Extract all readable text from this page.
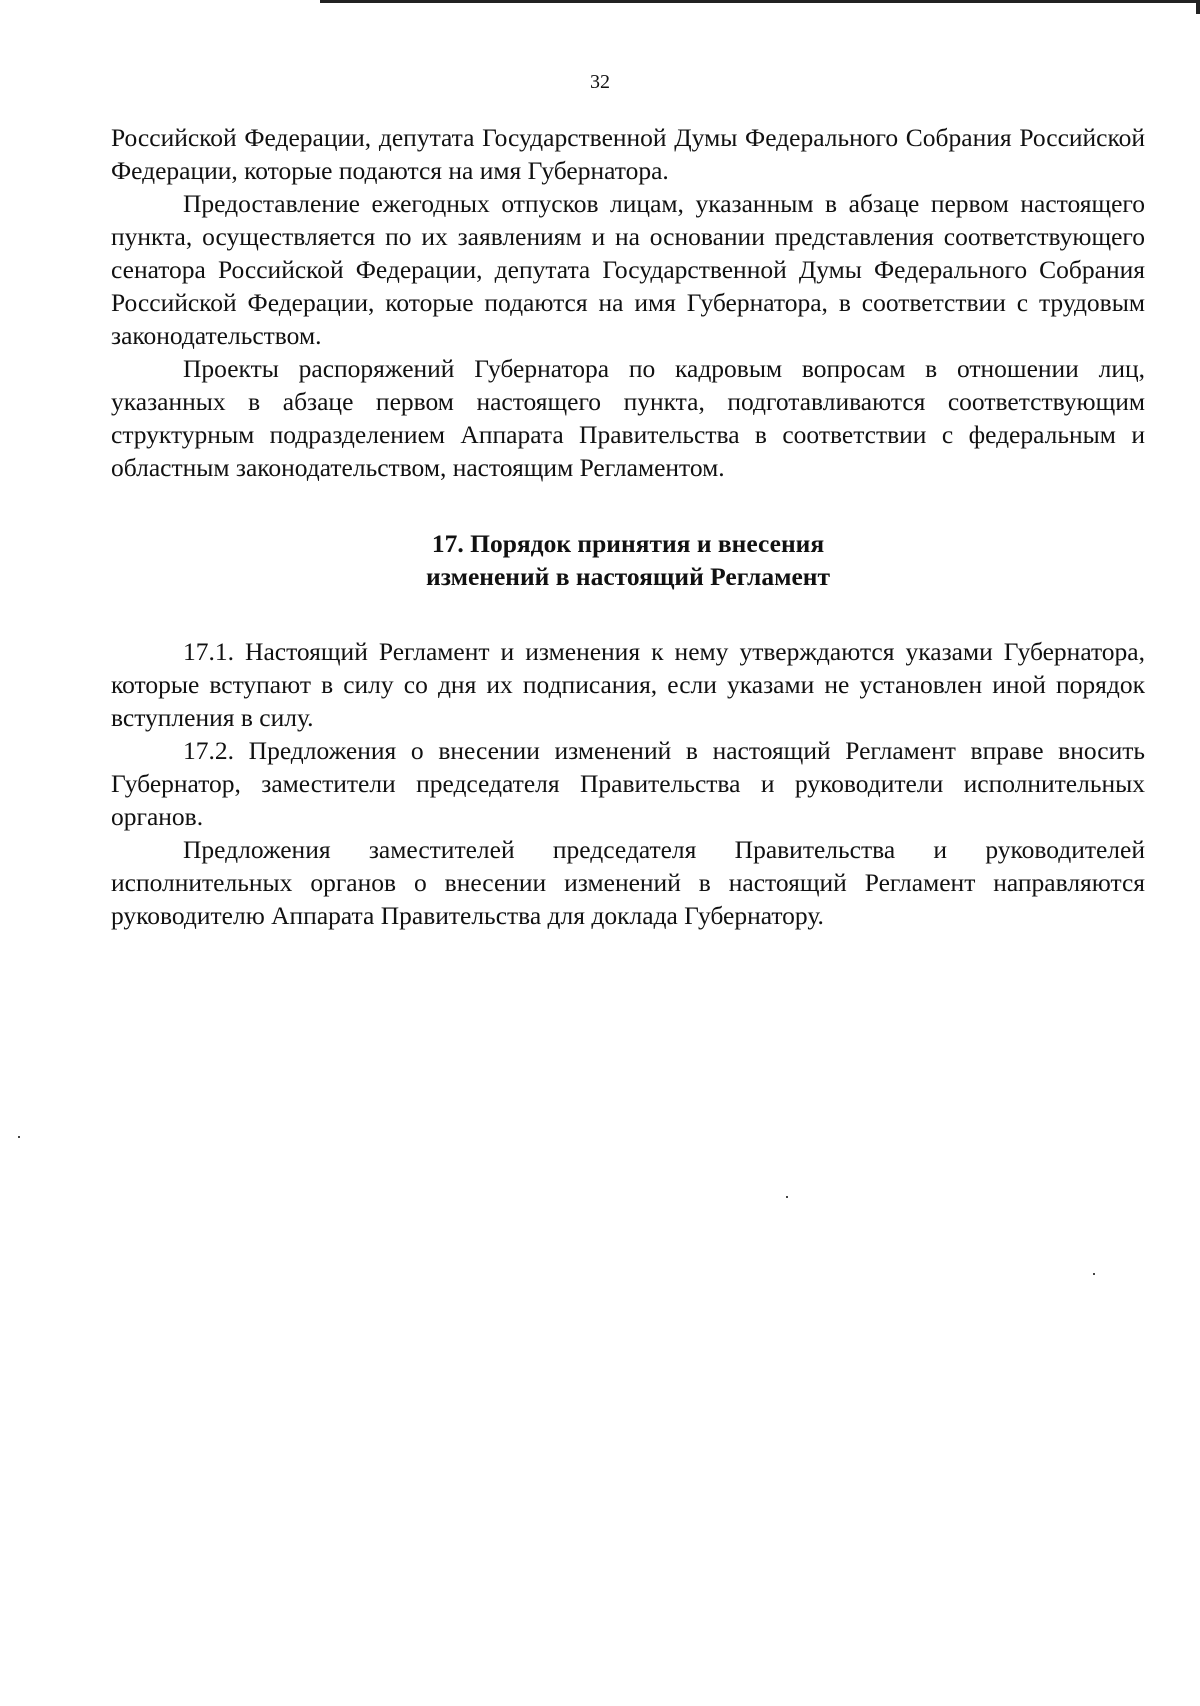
32

Российской Федерации, депутата Государственной Думы Федерального Собрания Российской Федерации, которые подаются на имя Губернатора.

Предоставление ежегодных отпусков лицам, указанным в абзаце первом настоящего пункта, осуществляется по их заявлениям и на основании представления соответствующего сенатора Российской Федерации, депутата Государственной Думы Федерального Собрания Российской Федерации, которые подаются на имя Губернатора, в соответствии с трудовым законодательством.

Проекты распоряжений Губернатора по кадровым вопросам в отношении лиц, указанных в абзаце первом настоящего пункта, подготавливаются соответствующим структурным подразделением Аппарата Правительства в соответствии с федеральным и областным законодательством, настоящим Регламентом.

17. Порядок принятия и внесения
изменений в настоящий Регламент

17.1. Настоящий Регламент и изменения к нему утверждаются указами Губернатора, которые вступают в силу со дня их подписания, если указами не установлен иной порядок вступления в силу.

17.2. Предложения о внесении изменений в настоящий Регламент вправе вносить Губернатор, заместители председателя Правительства и руководители исполнительных органов.

Предложения заместителей председателя Правительства и руководителей исполнительных органов о внесении изменений в настоящий Регламент направляются руководителю Аппарата Правительства для доклада Губернатору.
